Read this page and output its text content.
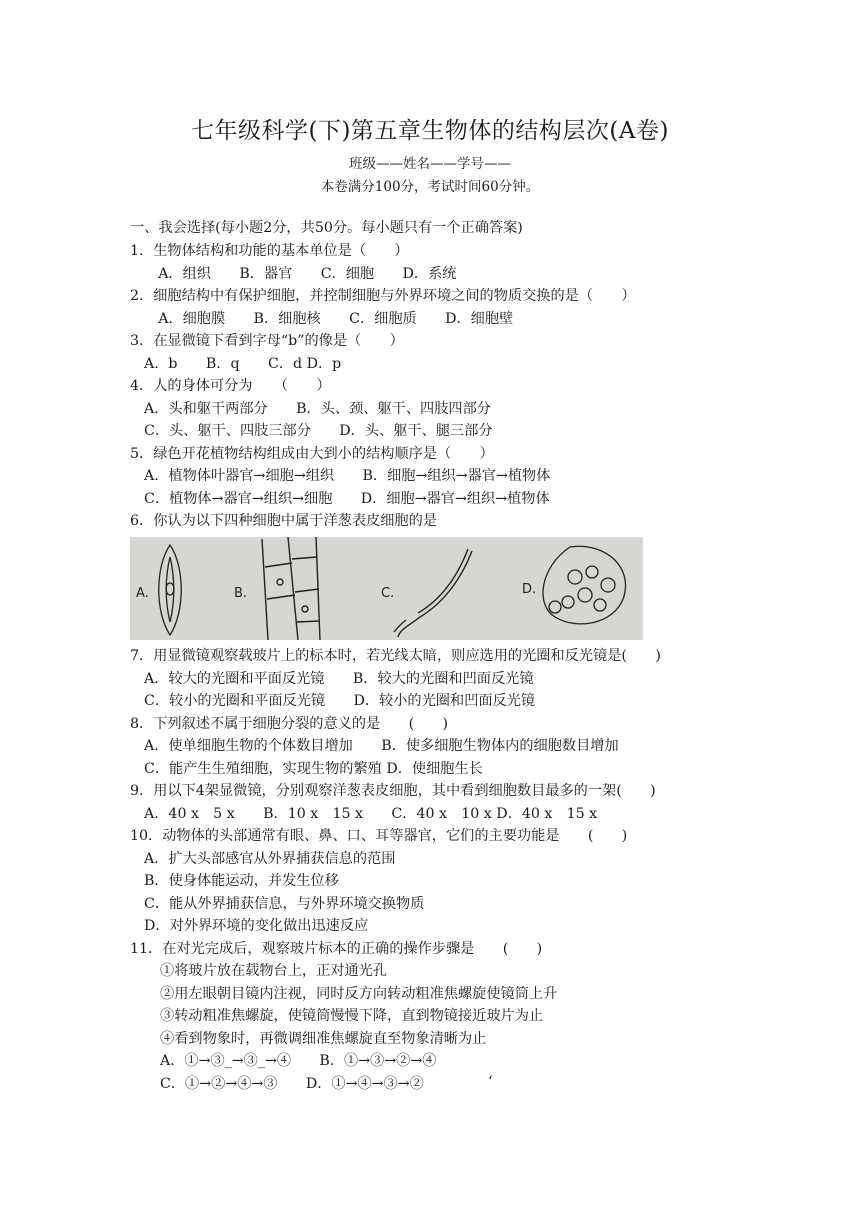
七年级科学(下)第五章生物体的结构层次(A卷)
班级——姓名——学号——
本卷满分100分，考试时间60分钟。
一、我会选择(每小题2分，共50分。每小题只有一个正确答案)
1．生物体结构和功能的基本单位是（　　）
　A．组织　　B．器官　　C．细胞　　D．系统
2．细胞结构中有保护细胞，并控制细胞与外界环境之间的物质交换的是（　　）
　A．细胞膜　　B．细胞核　　C．细胞质　　D．细胞壁
3．在显微镜下看到字母“b”的像是（　　）
A．b　　B．q　　C．d D．p
4．人的身体可分为　　（　　）
A．头和躯干两部分　　B．头、颈、躯干、四肢四部分
C．头、躯干、四肢三部分　　D．头、躯干、腿三部分
5．绿色开花植物结构组成由大到小的结构顺序是（　　）
A．植物体叶器官→细胞→组织　　B．细胞→组织→器官→植物体
C．植物体→器官→组织→细胞　　D．细胞→器官→组织→植物体
6．你认为以下四种细胞中属于洋葱表皮细胞的是
A.	B.	C.	D.
7．用显微镜观察载玻片上的标本时，若光线太暗，则应选用的光圈和反光镜是(　　)
A．较大的光圈和平面反光镜　　B．较大的光圈和凹面反光镜
C．较小的光圈和平面反光镜　　D．较小的光圈和凹面反光镜
8．下列叙述不属于细胞分裂的意义的是　　(　　)
A．使单细胞生物的个体数目增加　　B．使多细胞生物体内的细胞数目增加
C．能产生生殖细胞，实现生物的繁殖 D．使细胞生长
9．用以下4架显微镜，分别观察洋葱表皮细胞，其中看到细胞数目最多的一架(　　)
A．40 x　5 x　　B．10 x　15 x　　C．40 x　10 x D．40 x　15 x
10．动物体的头部通常有眼、鼻、口、耳等器官，它们的主要功能是　　(　　)
A．扩大头部感官从外界捕获信息的范围
B．使身体能运动，并发生位移
C．能从外界捕获信息，与外界环境交换物质
D．对外界环境的变化做出迅速反应
11．在对光完成后，观察玻片标本的正确的操作步骤是　　(　　)
①将玻片放在载物台上，正对通光孔
②用左眼朝目镜内注视，同时反方向转动粗准焦螺旋使镜筒上升
③转动粗准焦螺旋，使镜筒慢慢下降，直到物镜接近玻片为止
④看到物象时，再微调细准焦螺旋直至物象清晰为止
A．①→③_→③_→④　　B．①→③→②→④
C．①→②→④→③　　D．①→④→③→②	‘
